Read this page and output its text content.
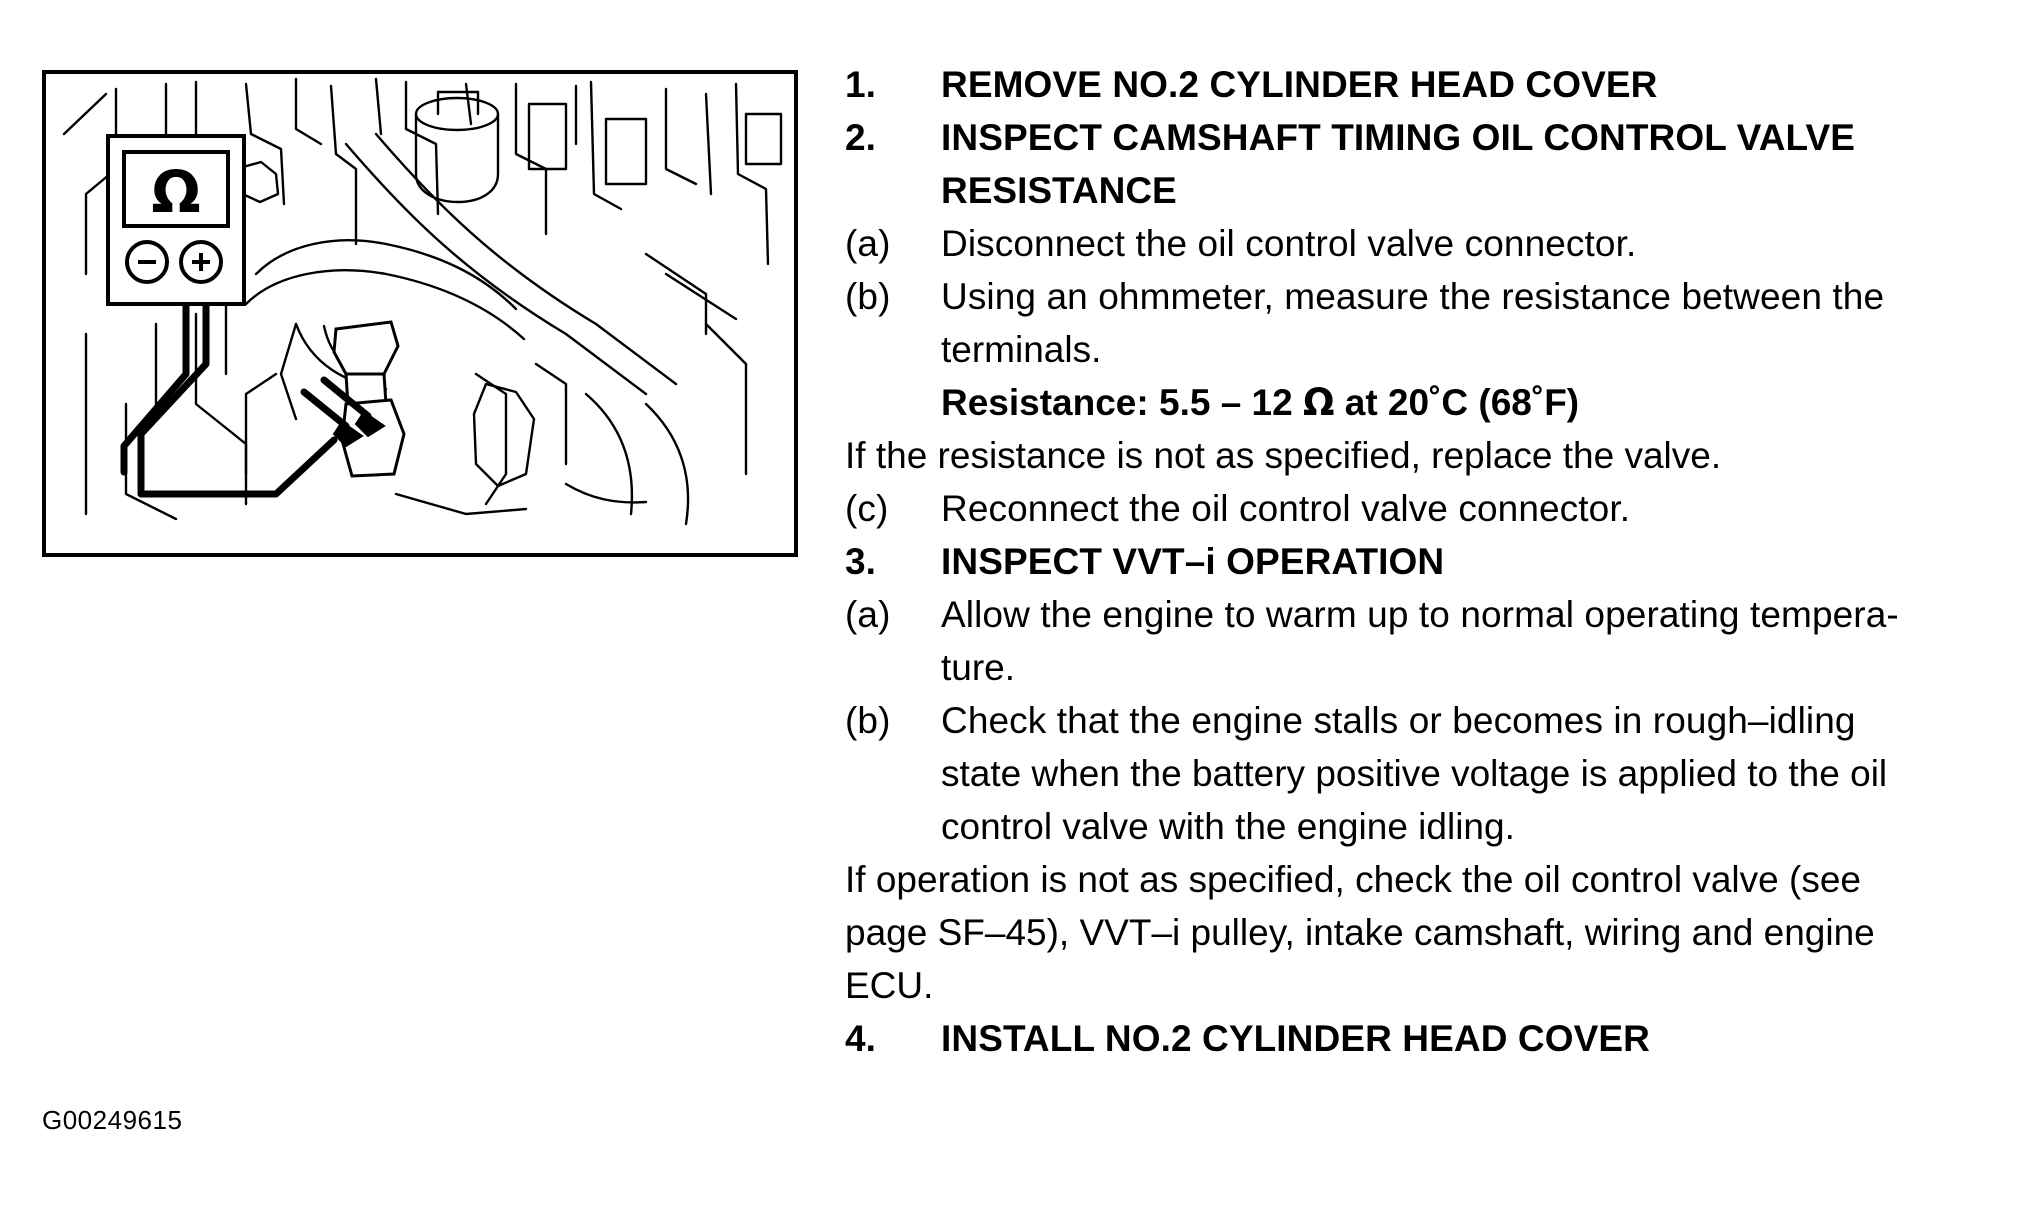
Ω
G00249615
1.	REMOVE NO.2 CYLINDER HEAD COVER
2.	INSPECT CAMSHAFT TIMING OIL CONTROL VALVE
RESISTANCE
(a)	Disconnect the oil control valve connector.
(b)	Using an ohmmeter, measure the resistance between the
terminals.
Resistance: 5.5 – 12 Ω at 20˚C (68˚F)
If the resistance is not as specified, replace the valve.
(c)	Reconnect the oil control valve connector.
3.	INSPECT VVT–i OPERATION
(a)	Allow the engine to warm up to normal operating tempera-
ture.
(b)	Check that the engine stalls or becomes in rough–idling
state when the battery positive voltage is applied to the oil
control valve with the engine idling.
If operation is not as specified, check the oil control valve (see
page SF–45), VVT–i pulley, intake camshaft, wiring and engine
ECU.
4.	INSTALL NO.2 CYLINDER HEAD COVER
